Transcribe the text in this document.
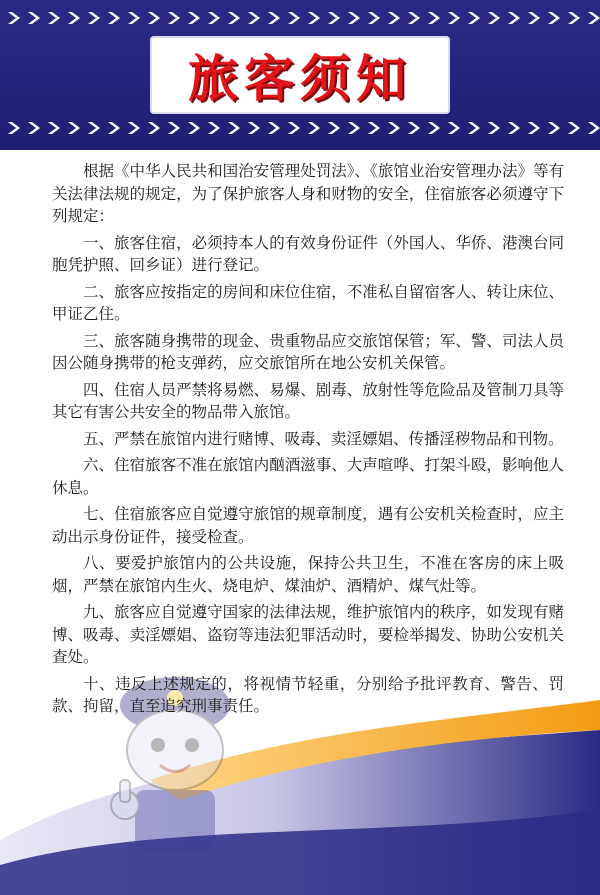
旅客须知

根据《中华人民共和国治安管理处罚法》、《旅馆业治安管理办法》等有关法律法规的规定，为了保护旅客人身和财物的安全，住宿旅客必须遵守下列规定：

一、旅客住宿，必须持本人的有效身份证件（外国人、华侨、港澳台同胞凭护照、回乡证）进行登记。

二、旅客应按指定的房间和床位住宿，不准私自留宿客人、转让床位、甲证乙住。

三、旅客随身携带的现金、贵重物品应交旅馆保管；军、警、司法人员因公随身携带的枪支弹药，应交旅馆所在地公安机关保管。

四、住宿人员严禁将易燃、易爆、剧毒、放射性等危险品及管制刀具等其它有害公共安全的物品带入旅馆。

五、严禁在旅馆内进行赌博、吸毒、卖淫嫖娼、传播淫秽物品和刊物。

六、住宿旅客不准在旅馆内酗酒滋事、大声喧哗、打架斗殴，影响他人休息。

七、住宿旅客应自觉遵守旅馆的规章制度，遇有公安机关检查时，应主动出示身份证件，接受检查。

八、要爱护旅馆内的公共设施，保持公共卫生，不准在客房的床上吸烟，严禁在旅馆内生火、烧电炉、煤油炉、酒精炉、煤气灶等。

九、旅客应自觉遵守国家的法律法规，维护旅馆内的秩序，如发现有赌博、吸毒、卖淫嫖娼、盗窃等违法犯罪活动时，要检举揭发、协助公安机关查处。

十、违反上述规定的，将视情节轻重，分别给予批评教育、警告、罚款、拘留，直至追究刑事责任。
